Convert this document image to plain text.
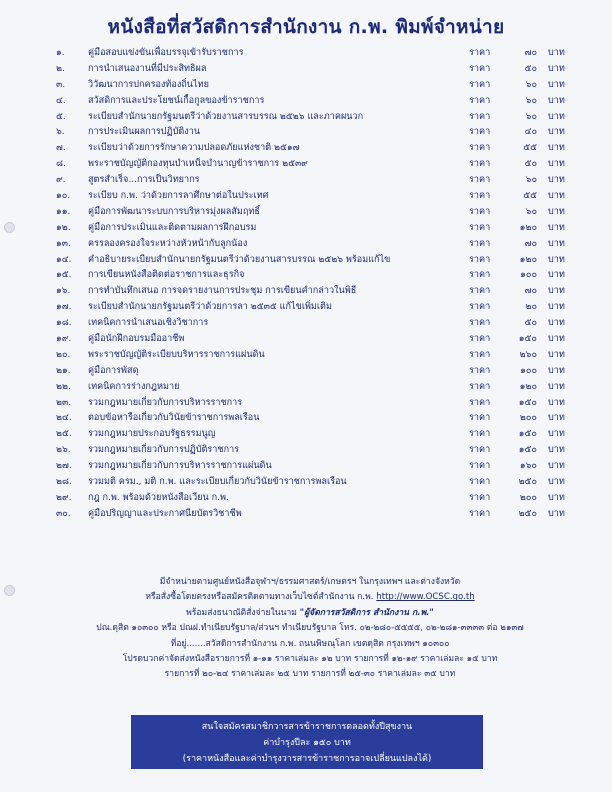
หนังสือที่สวัสดิการสำนักงาน ก.พ. พิมพ์จำหน่าย
๑.	คู่มือสอบแข่งขันเพื่อบรรจุเข้ารับราชการ	ราคา	๗๐ บาท
๒.	การนำเสนองานที่มีประสิทธิผล	ราคา	๕๐ บาท
๓.	วิวัฒนาการปกครองท้องถิ่นไทย	ราคา	๖๐ บาท
๔.	สวัสดิการและประโยชน์เกื้อกูลของข้าราชการ	ราคา	๖๐ บาท
๕.	ระเบียบสำนักนายกรัฐมนตรีว่าด้วยงานสารบรรณ ๒๕๒๖ และภาคผนวก	ราคา	๖๐ บาท
๖.	การประเมินผลการปฏิบัติงาน	ราคา	๔๐ บาท
๗.	ระเบียบว่าด้วยการรักษาความปลอดภัยแห่งชาติ ๒๕๑๗	ราคา	๕๕ บาท
๘.	พระราชบัญญัติกองทุนบำเหน็จบำนาญข้าราชการ ๒๕๓๙	ราคา	๕๐ บาท
๙.	สูตรสำเร็จ...การเป็นวิทยากร	ราคา	๖๐ บาท
๑๐.	ระเบียบ ก.พ. ว่าด้วยการลาศึกษาต่อในประเทศ	ราคา	๕๕ บาท
๑๑.	คู่มือการพัฒนาระบบการบริหารมุ่งผลสัมฤทธิ์	ราคา	๖๐ บาท
๑๒.	คู่มือการประเมินและติดตามผลการฝึกอบรม	ราคา	๑๒๐ บาท
๑๓.	ครรลองครองใจระหว่างหัวหน้ากับลูกน้อง	ราคา	๗๐ บาท
๑๔.	คำอธิบายระเบียบสำนักนายกรัฐมนตรีว่าด้วยงานสารบรรณ ๒๕๒๖ พร้อมแก้ไข	ราคา	๑๒๐ บาท
๑๕.	การเขียนหนังสือติดต่อราชการและธุรกิจ	ราคา	๑๐๐ บาท
๑๖.	การทำบันทึกเสนอ การจดรายงานการประชุม การเขียนคำกล่าวในพิธี	ราคา	๗๐ บาท
๑๗.	ระเบียบสำนักนายกรัฐมนตรีว่าด้วยการลา ๒๕๓๕ แก้ไขเพิ่มเติม	ราคา	๒๐ บาท
๑๘.	เทคนิคการนำเสนอเชิงวิชาการ	ราคา	๕๐ บาท
๑๙.	คู่มือนักฝึกอบรมมืออาชีพ	ราคา	๑๕๐ บาท
๒๐.	พระราชบัญญัติระเบียบบริหารราชการแผ่นดิน	ราคา	๒๖๐ บาท
๒๑.	คู่มือการพัสดุ	ราคา	๑๐๐ บาท
๒๒.	เทคนิคการร่างกฎหมาย	ราคา	๑๒๐ บาท
๒๓.	รวมกฎหมายเกี่ยวกับการบริหารราชการ	ราคา	๑๕๐ บาท
๒๔.	ตอบข้อหารือเกี่ยวกับวินัยข้าราชการพลเรือน	ราคา	๒๐๐ บาท
๒๕.	รวมกฎหมายประกอบรัฐธรรมนูญ	ราคา	๑๕๐ บาท
๒๖.	รวมกฎหมายเกี่ยวกับการปฏิบัติราชการ	ราคา	๑๕๐ บาท
๒๗.	รวมกฎหมายเกี่ยวกับการบริหารราชการแผ่นดิน	ราคา	๑๖๐ บาท
๒๘.	รวมมติ ครม., มติ ก.พ. และระเบียบเกี่ยวกับวินัยข้าราชการพลเรือน	ราคา	๒๕๐ บาท
๒๙.	กฎ ก.พ. พร้อมด้วยหนังสือเวียน ก.พ.	ราคา	๒๐๐ บาท
๓๐.	คู่มือปริญญาและประกาศนียบัตรวิชาชีพ	ราคา	๒๕๐ บาท
มีจำหน่ายตามศูนย์หนังสือจุฬาฯ/ธรรมศาสตร์/เกษตรฯ ในกรุงเทพฯ และต่างจังหวัด
หรือสั่งซื้อโดยตรงหรือสมัครติดตามทางเว็บไซต์สำนักงาน ก.พ. http://www.OCSC.go.th
พร้อมส่งธนาณัติสั่งจ่ายในนาม "ผู้จัดการสวัสดิการ สำนักงาน ก.พ."
ปณ.ดุสิต ๑๐๓๐๐ หรือ ปณฝ.ทำเนียบรัฐบาล/ส่วนฯ ทำเนียบรัฐบาล โทร. ๐๒-๒๘๐-๕๕๕๕, ๐๒-๒๘๑-๓๓๓๓ ต่อ ๒๑๓๗
ที่อยู่.......สวัสดิการสำนักงาน ก.พ. ถนนพิษณุโลก เขตดุสิต กรุงเทพฯ ๑๐๓๐๐
โปรดบวกค่าจัดส่งหนังสือรายการที่ ๑-๑๑ ราคาเล่มละ ๑๒ บาท รายการที่ ๑๒-๑๙ ราคาเล่มละ ๑๕ บาท
รายการที่ ๒๐-๒๔ ราคาเล่มละ ๒๕ บาท รายการที่ ๒๕-๓๐ ราคาเล่มละ ๓๕ บาท
สนใจสมัครสมาชิกวารสารข้าราชการตลอดทั้งปีสุขงาน
ค่าบำรุงปีละ ๑๕๐ บาท
(ราคาหนังสือและค่าบำรุงวารสารข้าราชการอาจเปลี่ยนแปลงได้)
